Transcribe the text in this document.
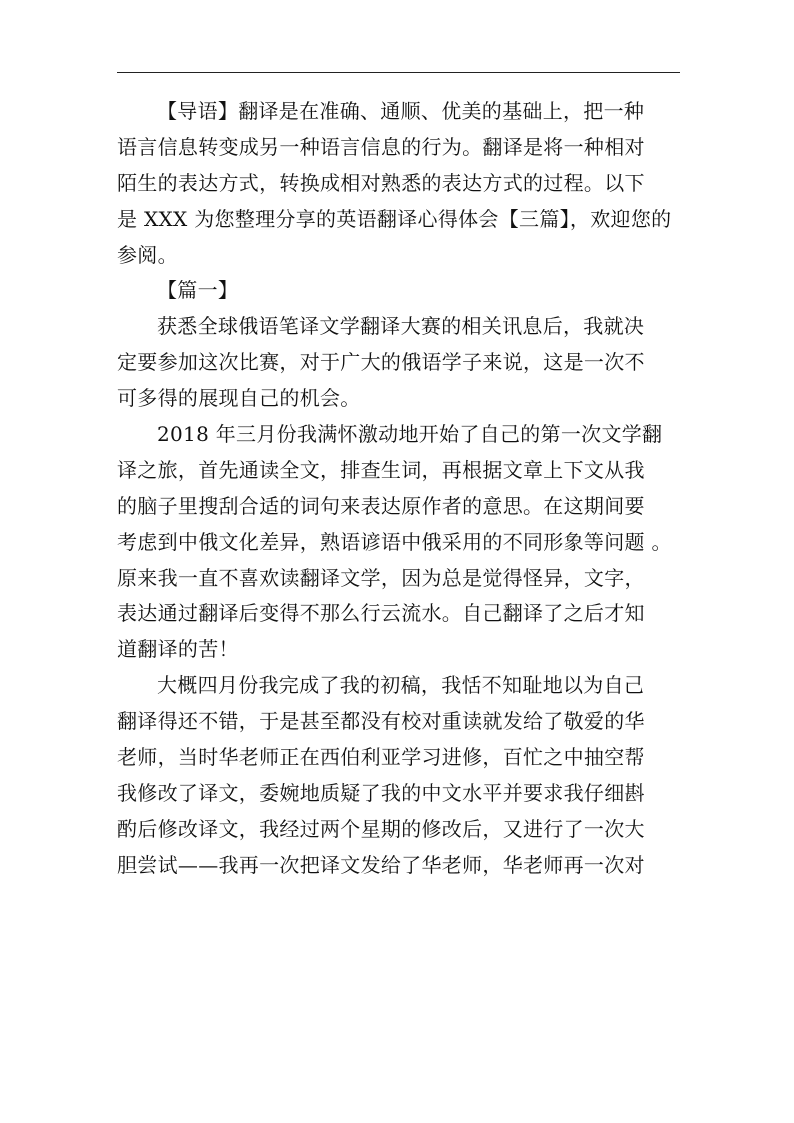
【导语】翻译是在准确、通顺、优美的基础上，把一种
语言信息转变成另一种语言信息的行为。翻译是将一种相对
陌生的表达方式，转换成相对熟悉的表达方式的过程。以下
是 XXX 为您整理分享的英语翻译心得体会【三篇】，欢迎您的
参阅。
【篇一】
获悉全球俄语笔译文学翻译大赛的相关讯息后，我就决
定要参加这次比赛，对于广大的俄语学子来说，这是一次不
可多得的展现自己的机会。
2018 年三月份我满怀激动地开始了自己的第一次文学翻
译之旅，首先通读全文，排查生词，再根据文章上下文从我
的脑子里搜刮合适的词句来表达原作者的意思。在这期间要
考虑到中俄文化差异，熟语谚语中俄采用的不同形象等问题 。
原来我一直不喜欢读翻译文学，因为总是觉得怪异，文字，
表达通过翻译后变得不那么行云流水。自己翻译了之后才知
道翻译的苦！
大概四月份我完成了我的初稿，我恬不知耻地以为自己
翻译得还不错，于是甚至都没有校对重读就发给了敬爱的华
老师，当时华老师正在西伯利亚学习进修，百忙之中抽空帮
我修改了译文，委婉地质疑了我的中文水平并要求我仔细斟
酌后修改译文，我经过两个星期的修改后，又进行了一次大
胆尝试——我再一次把译文发给了华老师，华老师再一次对
